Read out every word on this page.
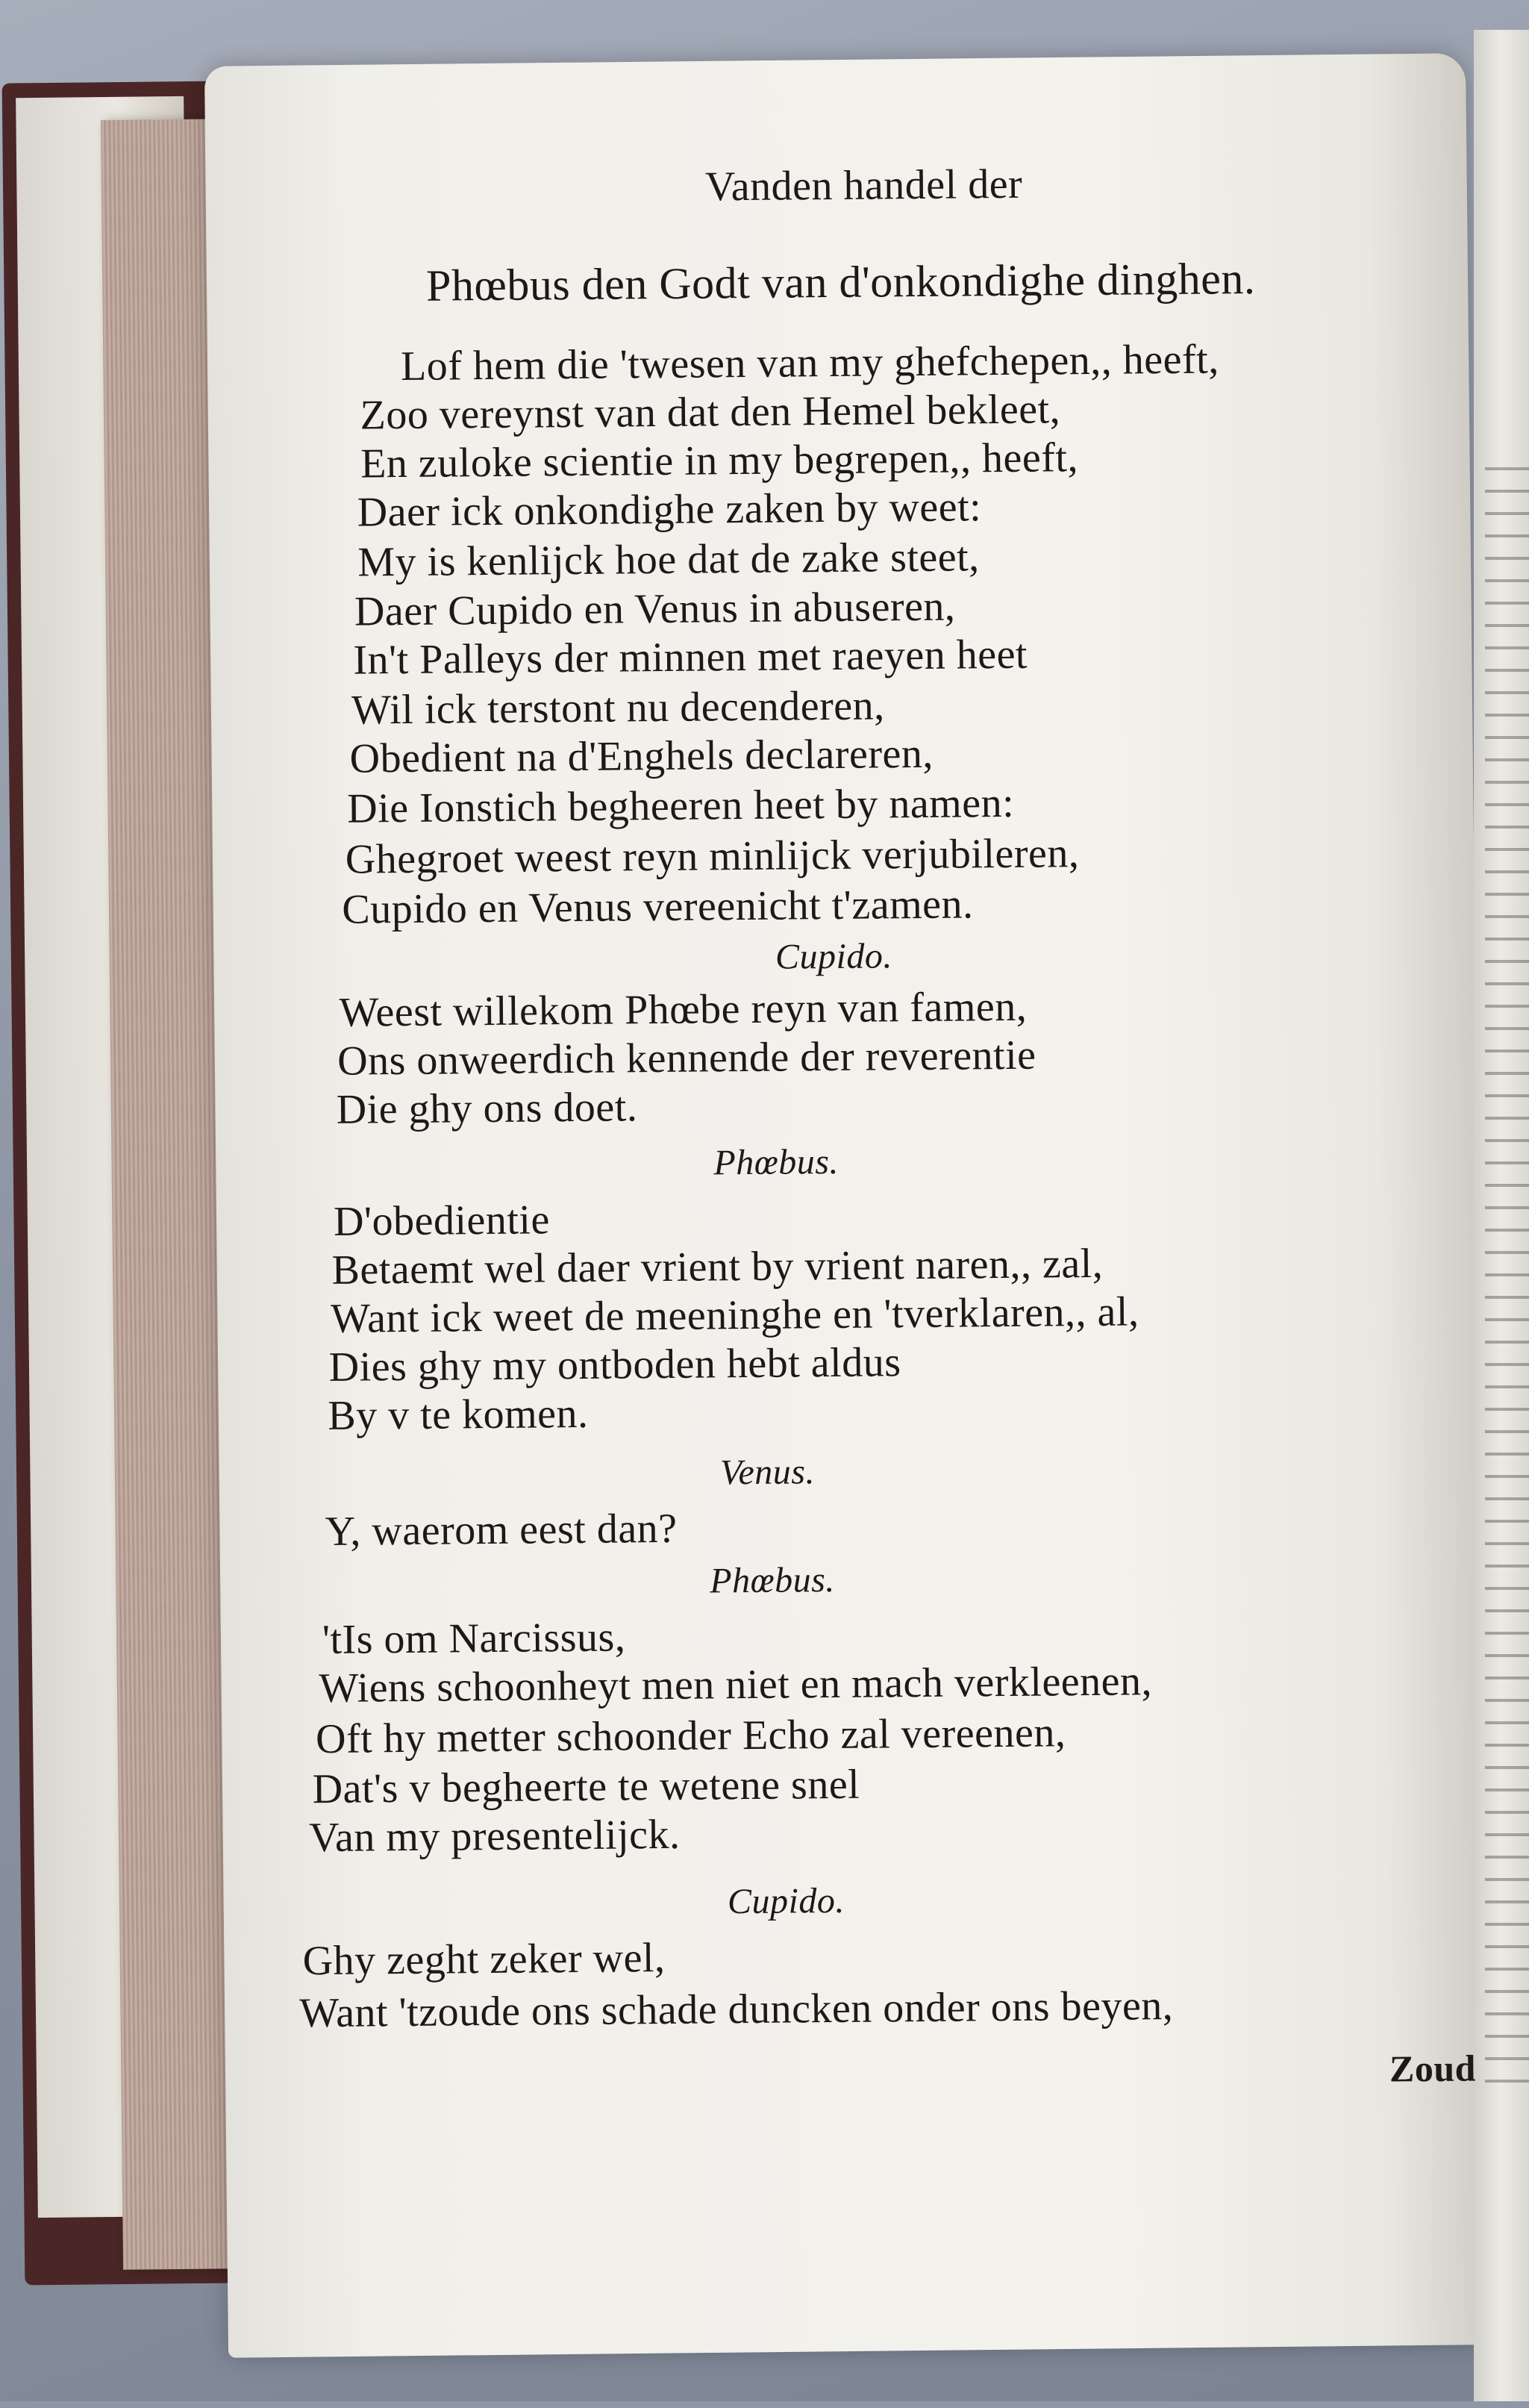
Vanden handel der
Phœbus den Godt van d'onkondighe dinghen.
Lof hem die 'twesen van my ghefchepen,, heeft,
Zoo vereynst van dat den Hemel bekleet,
En zuloke scientie in my begrepen,, heeft,
Daer ick onkondighe zaken by weet:
My is kenlijck hoe dat de zake steet,
Daer Cupido en Venus in abuseren,
In't Palleys der minnen met raeyen heet
Wil ick terstont nu decenderen,
Obedient na d'Enghels declareren,
Die Ionstich begheeren heet by namen:
Ghegroet weest reyn minlijck verjubileren,
Cupido en Venus vereenicht t'zamen.
Cupido.
Weest willekom Phœbe reyn van famen,
Ons onweerdich kennende der reverentie
Die ghy ons doet.
Phœbus.
D'obedientie
Betaemt wel daer vrient by vrient naren,, zal,
Want ick weet de meeninghe en 'tverklaren,, al,
Dies ghy my ontboden hebt aldus
By v te komen.
Venus.
Y, waerom eest dan?
Phœbus.
'tIs om Narcissus,
Wiens schoonheyt men niet en mach verkleenen,
Oft hy metter schoonder Echo zal vereenen,
Dat's v begheerte te wetene snel
Van my presentelijck.
Cupido.
Ghy zeght zeker wel,
Want 'tzoude ons schade duncken onder ons beyen,
Zoud
